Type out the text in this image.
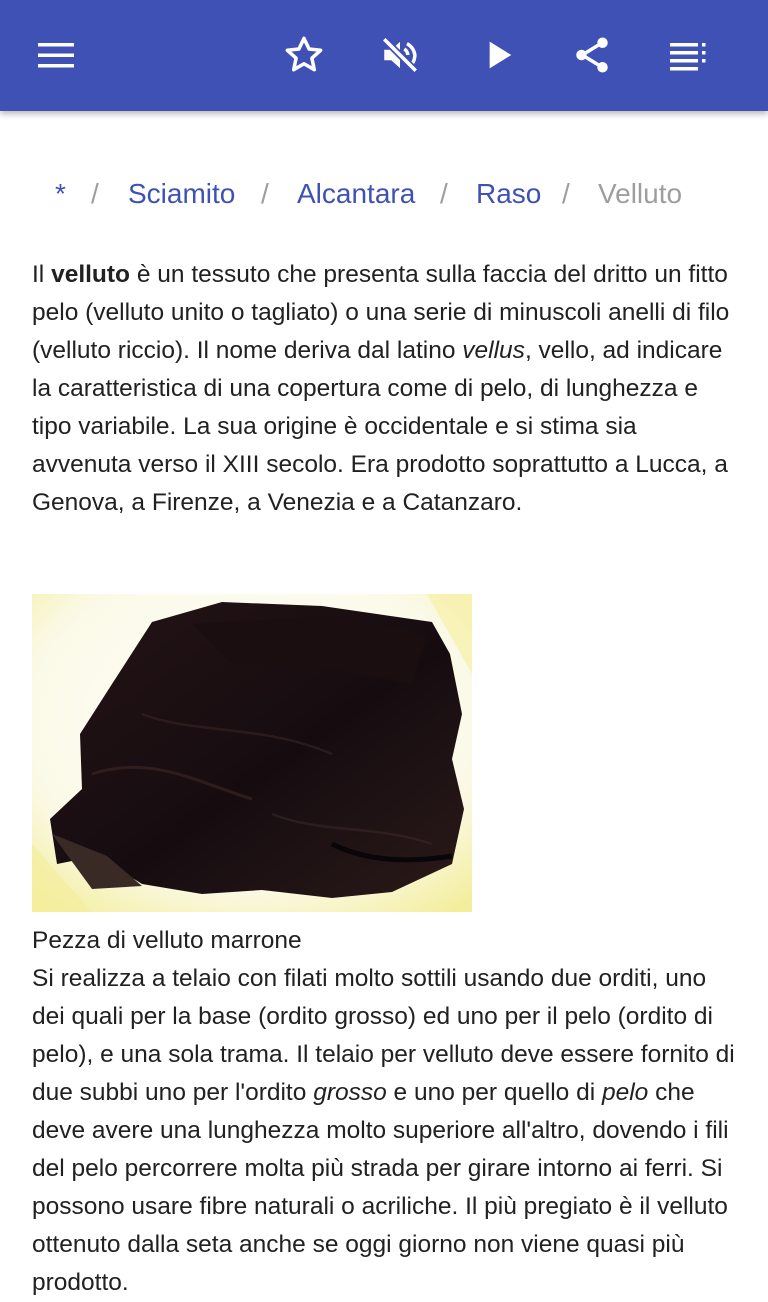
* / Sciamito / Alcantara / Raso / Velluto
Il velluto è un tessuto che presenta sulla faccia del dritto un fitto pelo (velluto unito o tagliato) o una serie di minuscoli anelli di filo (velluto riccio). Il nome deriva dal latino vellus, vello, ad indicare la caratteristica di una copertura come di pelo, di lunghezza e tipo variabile. La sua origine è occidentale e si stima sia avvenuta verso il XIII secolo. Era prodotto soprattutto a Lucca, a Genova, a Firenze, a Venezia e a Catanzaro.
Pezza di velluto marrone
Si realizza a telaio con filati molto sottili usando due orditi, uno dei quali per la base (ordito grosso) ed uno per il pelo (ordito di pelo), e una sola trama. Il telaio per velluto deve essere fornito di due subbi uno per l'ordito grosso e uno per quello di pelo che deve avere una lunghezza molto superiore all'altro, dovendo i fili del pelo percorrere molta più strada per girare intorno ai ferri. Si possono usare fibre naturali o acriliche. Il più pregiato è il velluto ottenuto dalla seta anche se oggi giorno non viene quasi più prodotto.
